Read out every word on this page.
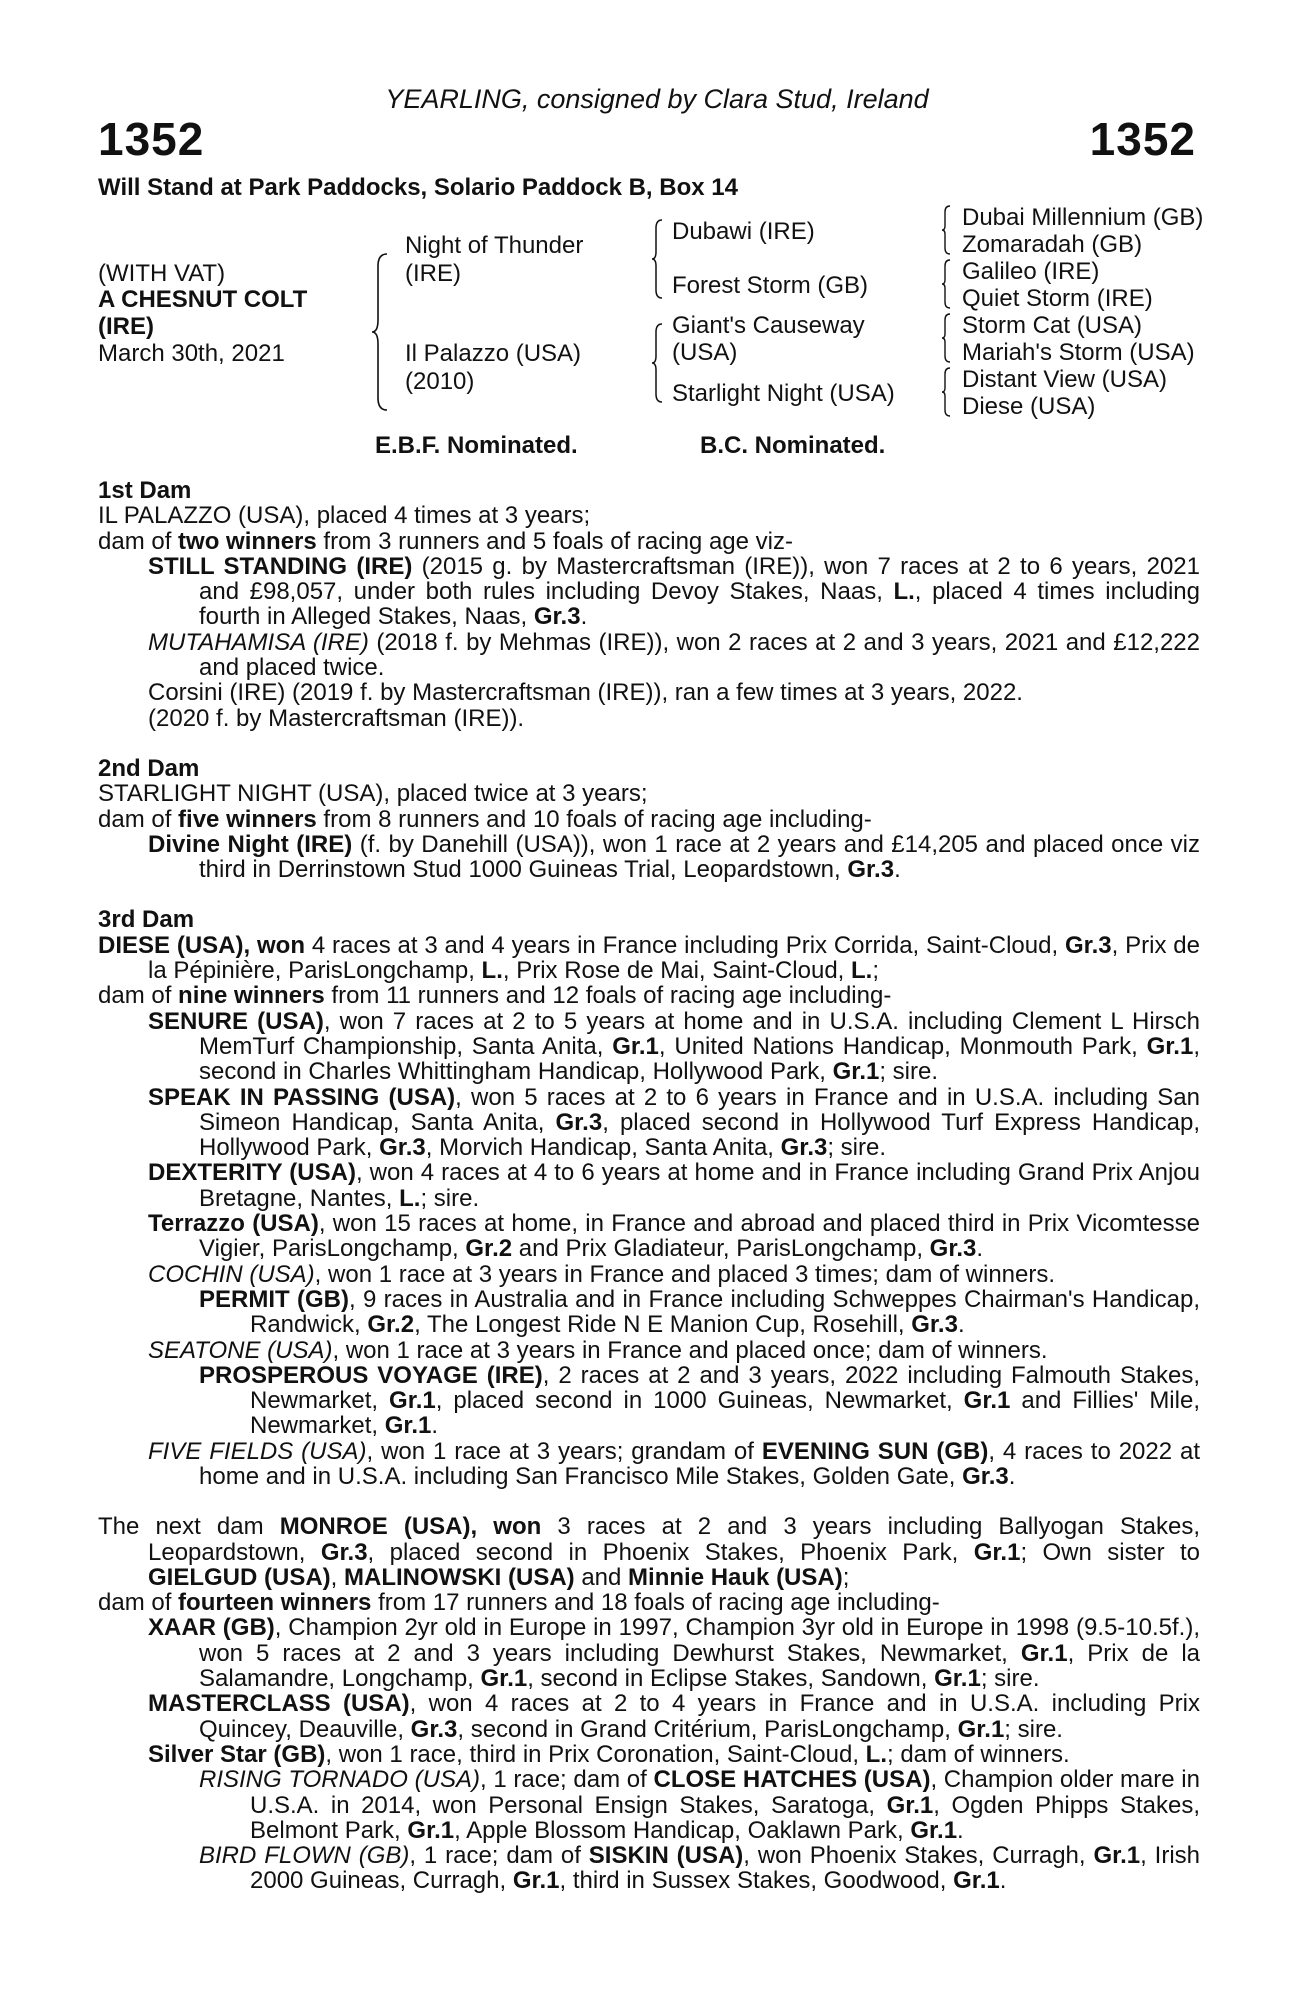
YEARLING, consigned by Clara Stud, Ireland
1352	1352
Will Stand at Park Paddocks, Solario Paddock B, Box 14
(WITH VAT)
A CHESNUT COLT
(IRE)
March 30th, 2021
Night of Thunder
(IRE)
Il Palazzo (USA)
(2010)
Dubawi (IRE)
Forest Storm (GB)
Giant's Causeway
(USA)
Starlight Night (USA)
Dubai Millennium (GB)
Zomaradah (GB)
Galileo (IRE)
Quiet Storm (IRE)
Storm Cat (USA)
Mariah's Storm (USA)
Distant View (USA)
Diese (USA)
E.B.F. Nominated.	B.C. Nominated.
1st Dam

IL PALAZZO (USA), placed 4 times at 3 years;

dam of two winners from 3 runners and 5 foals of racing age viz-

STILL STANDING (IRE) (2015 g. by Mastercraftsman (IRE)), won 7 races at 2 to 6 years, 2021 and £98,057, under both rules including Devoy Stakes, Naas, L., placed 4 times including fourth in Alleged Stakes, Naas, Gr.3.

MUTAHAMISA (IRE) (2018 f. by Mehmas (IRE)), won 2 races at 2 and 3 years, 2021 and £12,222 and placed twice.

Corsini (IRE) (2019 f. by Mastercraftsman (IRE)), ran a few times at 3 years, 2022.

(2020 f. by Mastercraftsman (IRE)).

2nd Dam

STARLIGHT NIGHT (USA), placed twice at 3 years;

dam of five winners from 8 runners and 10 foals of racing age including-

Divine Night (IRE) (f. by Danehill (USA)), won 1 race at 2 years and £14,205 and placed once viz third in Derrinstown Stud 1000 Guineas Trial, Leopardstown, Gr.3.

3rd Dam

DIESE (USA), won 4 races at 3 and 4 years in France including Prix Corrida, Saint-Cloud, Gr.3, Prix de la Pépinière, ParisLongchamp, L., Prix Rose de Mai, Saint-Cloud, L.;

dam of nine winners from 11 runners and 12 foals of racing age including-

SENURE (USA), won 7 races at 2 to 5 years at home and in U.S.A. including Clement L Hirsch MemTurf Championship, Santa Anita, Gr.1, United Nations Handicap, Monmouth Park, Gr.1, second in Charles Whittingham Handicap, Hollywood Park, Gr.1; sire.

SPEAK IN PASSING (USA), won 5 races at 2 to 6 years in France and in U.S.A. including San Simeon Handicap, Santa Anita, Gr.3, placed second in Hollywood Turf Express Handicap, Hollywood Park, Gr.3, Morvich Handicap, Santa Anita, Gr.3; sire.

DEXTERITY (USA), won 4 races at 4 to 6 years at home and in France including Grand Prix Anjou Bretagne, Nantes, L.; sire.

Terrazzo (USA), won 15 races at home, in France and abroad and placed third in Prix Vicomtesse Vigier, ParisLongchamp, Gr.2 and Prix Gladiateur, ParisLongchamp, Gr.3.

COCHIN (USA), won 1 race at 3 years in France and placed 3 times; dam of winners.

PERMIT (GB), 9 races in Australia and in France including Schweppes Chairman's Handicap, Randwick, Gr.2, The Longest Ride N E Manion Cup, Rosehill, Gr.3.

SEATONE (USA), won 1 race at 3 years in France and placed once; dam of winners.

PROSPEROUS VOYAGE (IRE), 2 races at 2 and 3 years, 2022 including Falmouth Stakes, Newmarket, Gr.1, placed second in 1000 Guineas, Newmarket, Gr.1 and Fillies' Mile, Newmarket, Gr.1.

FIVE FIELDS (USA), won 1 race at 3 years; grandam of EVENING SUN (GB), 4 races to 2022 at home and in U.S.A. including San Francisco Mile Stakes, Golden Gate, Gr.3.

The next dam MONROE (USA), won 3 races at 2 and 3 years including Ballyogan Stakes, Leopardstown, Gr.3, placed second in Phoenix Stakes, Phoenix Park, Gr.1; Own sister to GIELGUD (USA), MALINOWSKI (USA) and Minnie Hauk (USA);

dam of fourteen winners from 17 runners and 18 foals of racing age including-

XAAR (GB), Champion 2yr old in Europe in 1997, Champion 3yr old in Europe in 1998 (9.5-10.5f.), won 5 races at 2 and 3 years including Dewhurst Stakes, Newmarket, Gr.1, Prix de la Salamandre, Longchamp, Gr.1, second in Eclipse Stakes, Sandown, Gr.1; sire.

MASTERCLASS (USA), won 4 races at 2 to 4 years in France and in U.S.A. including Prix Quincey, Deauville, Gr.3, second in Grand Critérium, ParisLongchamp, Gr.1; sire.

Silver Star (GB), won 1 race, third in Prix Coronation, Saint-Cloud, L.; dam of winners.

RISING TORNADO (USA), 1 race; dam of CLOSE HATCHES (USA), Champion older mare in U.S.A. in 2014, won Personal Ensign Stakes, Saratoga, Gr.1, Ogden Phipps Stakes, Belmont Park, Gr.1, Apple Blossom Handicap, Oaklawn Park, Gr.1.

BIRD FLOWN (GB), 1 race; dam of SISKIN (USA), won Phoenix Stakes, Curragh, Gr.1, Irish 2000 Guineas, Curragh, Gr.1, third in Sussex Stakes, Goodwood, Gr.1.
